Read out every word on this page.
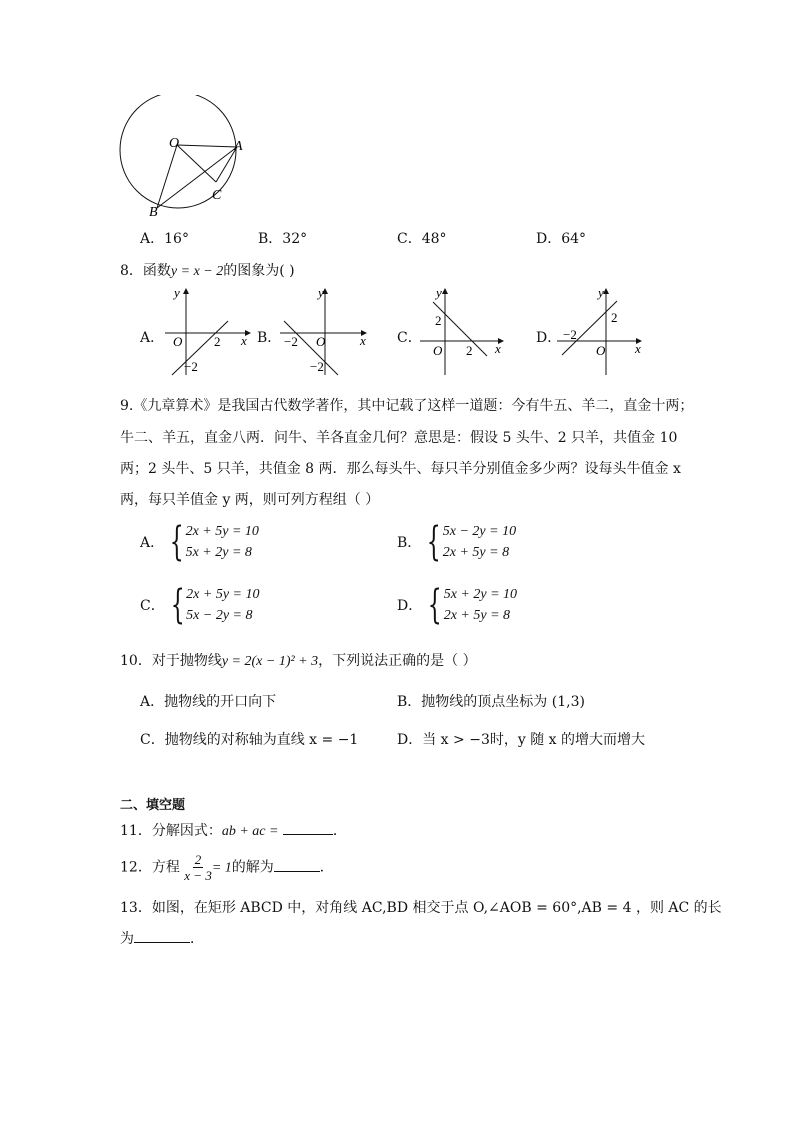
O	A
B
C
A．16°	B．32°	C．48°	D．64°
8．函数y = x − 2的图象为( )
A．	B．	C．	D．
y
O	x
2
−2
y
O	x
−2
−2
y
O	x
2
2
y
O x
−2
2
9.《九章算术》是我国古代数学著作，其中记载了这样一道题：今有牛五、羊二，直金十两；
牛二、羊五，直金八两．问牛、羊各直金几何？意思是：假设 5 头牛、2 只羊，共值金 10
两；2 头牛、5 只羊，共值金 8 两．那么每头牛、每只羊分别值金多少两？设每头牛值金 x
两，每只羊值金 y 两，则可列方程组（ ）
A． { 2x + 5y = 10
5x + 2y = 8
B． { 5x − 2y = 10
2x + 5y = 8
C． { 2x + 5y = 10
5x − 2y = 8
D． { 5x + 2y = 10
2x + 5y = 8
10．对于抛物线y = 2(x − 1)² + 3，下列说法正确的是（ ）
A．抛物线的开口向下	B．抛物线的顶点坐标为 (1,3)
C．抛物线的对称轴为直线 x = −1	D．当 x > −3时，y 随 x 的增大而增大
二、填空题
11．分解因式：ab + ac =	．
12．方程 $\frac{2}{x - 3} = 1$的解为	．
13．如图，在矩形 ABCD 中，对角线 AC,BD 相交于点 O,∠AOB = 60°,AB = 4 ，则 AC 的长
为	．
